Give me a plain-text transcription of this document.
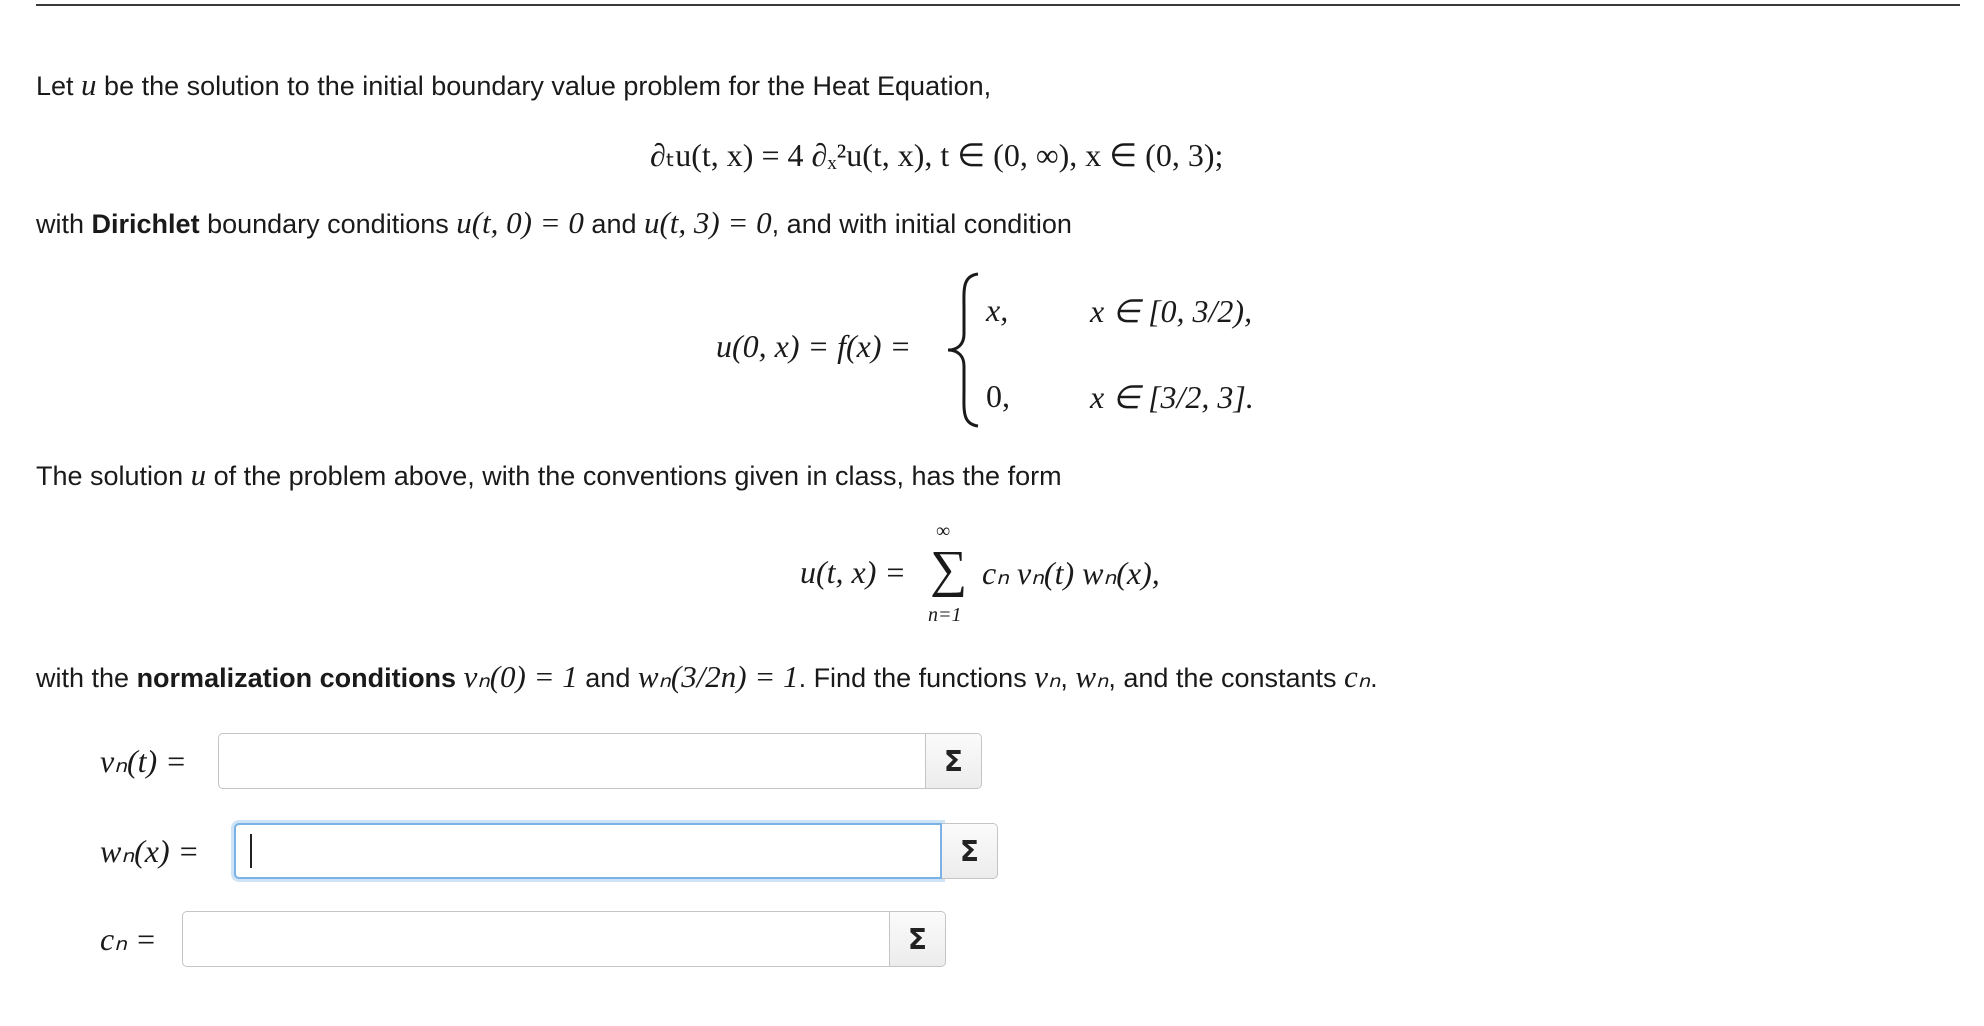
Let u be the solution to the initial boundary value problem for the Heat Equation,
∂ₜu(t, x) = 4 ∂ₓ²u(t, x), t ∈ (0, ∞), x ∈ (0, 3);
with Dirichlet boundary conditions u(t, 0) = 0 and u(t, 3) = 0, and with initial condition
u(0, x) = f(x) =
x,	x ∈ [0, 3/2),
0,	x ∈ [3/2, 3].
The solution u of the problem above, with the conventions given in class, has the form
u(t, x) =
∞
∑
n=1
cₙ vₙ(t) wₙ(x),
with the normalization conditions vₙ(0) = 1 and wₙ(3/2n) = 1. Find the functions vₙ, wₙ, and the constants cₙ.
vₙ(t) =	Σ
wₙ(x) =	Σ
cₙ =	Σ
